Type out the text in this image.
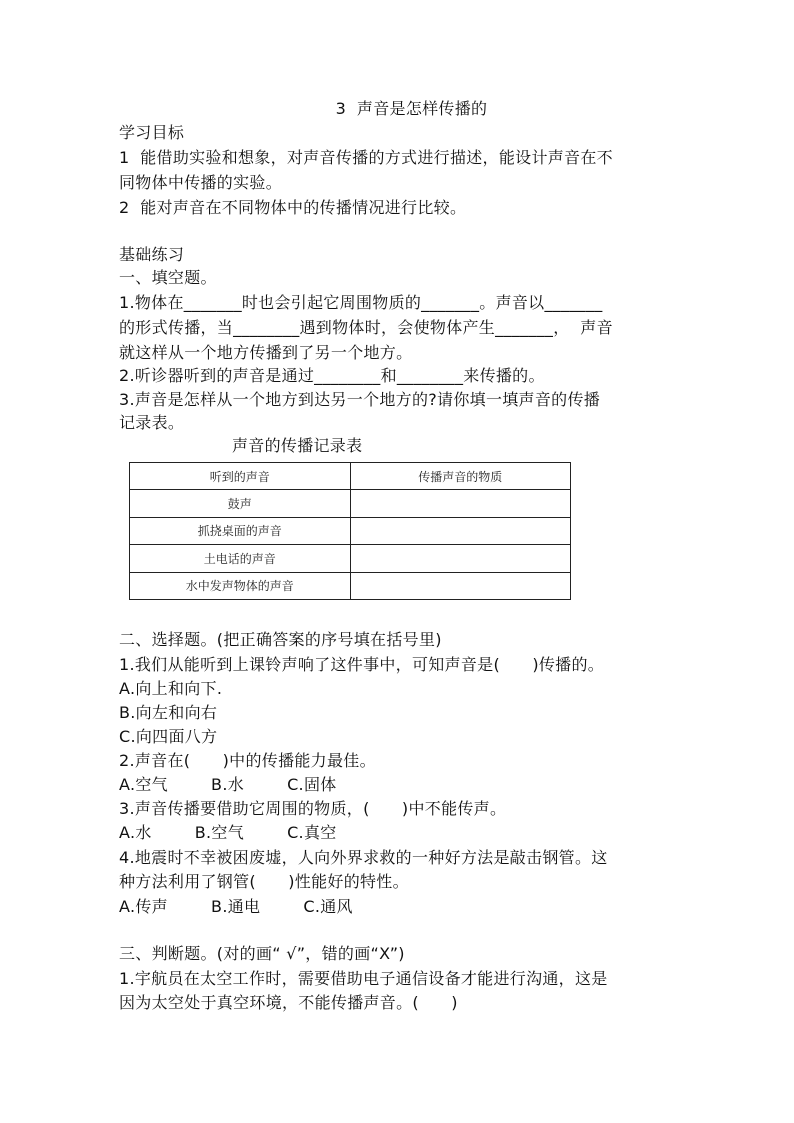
3  声音是怎样传播的
学习目标
1  能借助实验和想象，对声音传播的方式进行描述，能设计声音在不
同物体中传播的实验。
2  能对声音在不同物体中的传播情况进行比较。
基础练习
一、填空题。
1.物体在_______时也会引起它周围物质的_______。声音以_______
的形式传播，当________遇到物体时，会使物体产生_______，  声音
就这样从一个地方传播到了另一个地方。
2.听诊器听到的声音是通过________和________来传播的。
3.声音是怎样从一个地方到达另一个地方的?请你填一填声音的传播
记录表。
声音的传播记录表
听到的声音	传播声音的物质
鼓声	
抓挠桌面的声音	
土电话的声音	
水中发声物体的声音	
二、选择题。(把正确答案的序号填在括号里)
1.我们从能听到上课铃声响了这件事中，可知声音是(      )传播的。
A.向上和向下.
B.向左和向右
C.向四面八方
2.声音在(      )中的传播能力最佳。
A.空气        B.水        C.固体
3.声音传播要借助它周围的物质，(      )中不能传声。
A.水        B.空气        C.真空
4.地震时不幸被困废墟，人向外界求救的一种好方法是敲击钢管。这
种方法利用了钢管(      )性能好的特性。
A.传声        B.通电        C.通风
三、判断题。(对的画“ √”，错的画“X”)
1.宇航员在太空工作时，需要借助电子通信设备才能进行沟通，这是
因为太空处于真空环境，不能传播声音。(      )
